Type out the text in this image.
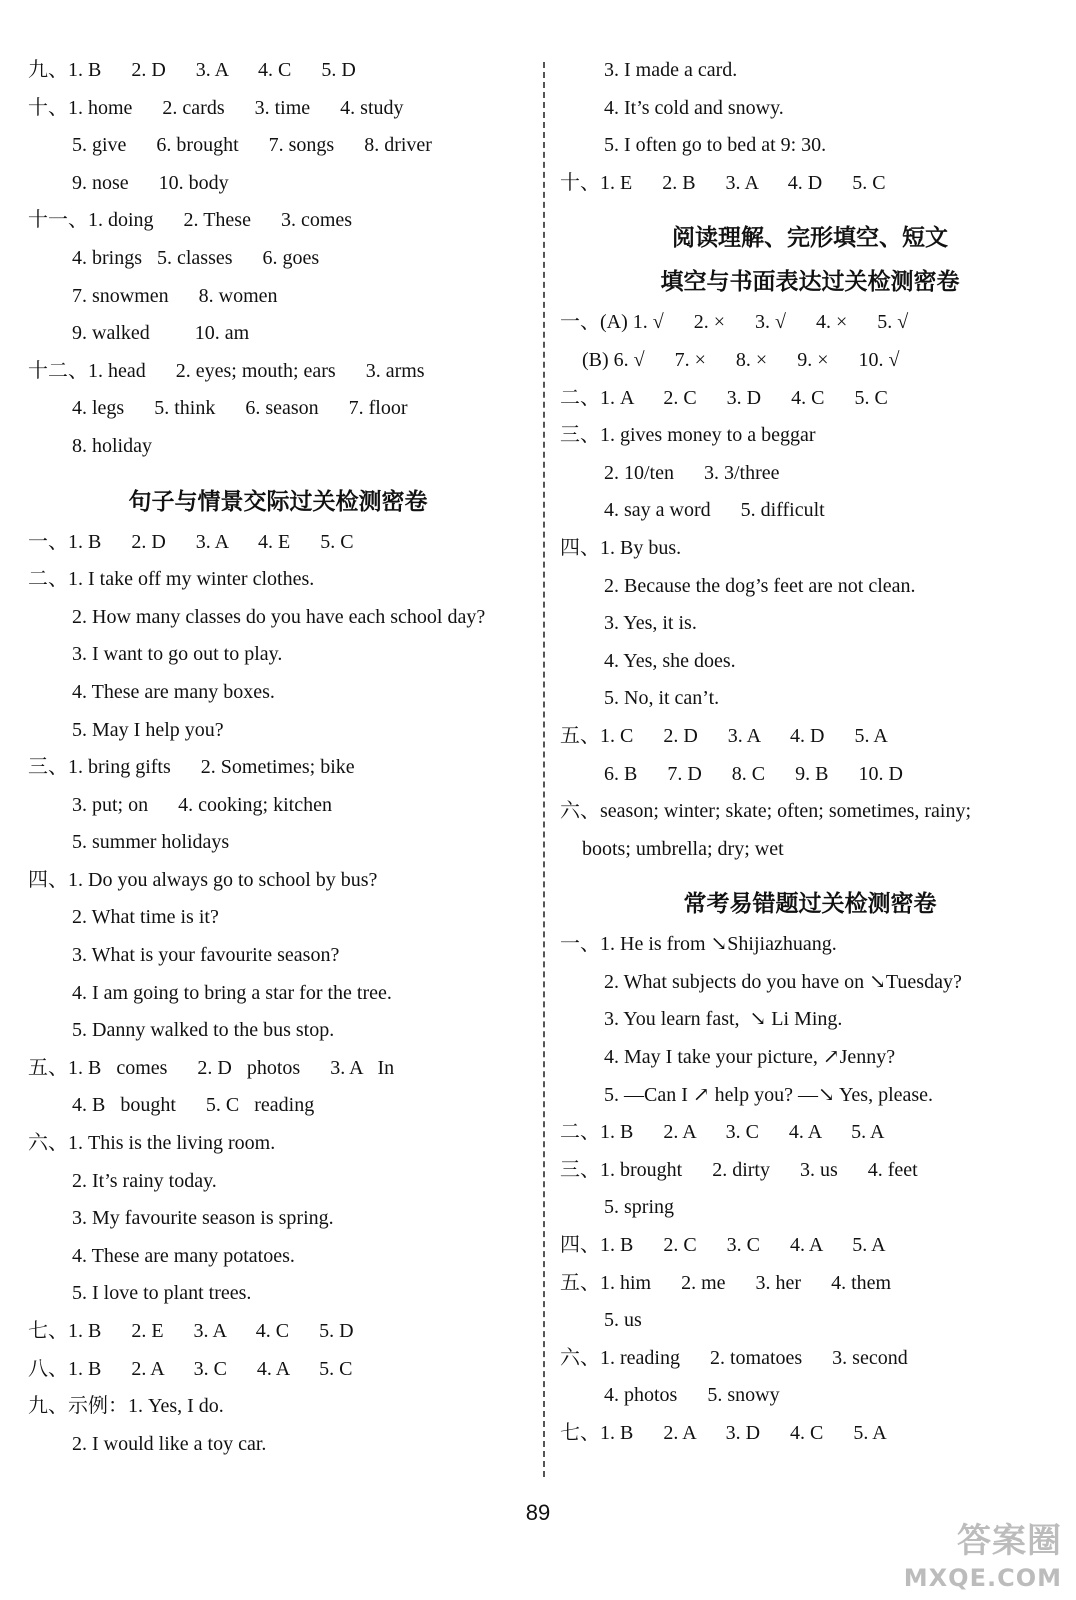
九、1. B      2. D      3. A      4. C      5. D
十、1. home      2. cards      3. time      4. study
5. give      6. brought      7. songs      8. driver
9. nose      10. body
十一、1. doing      2. These      3. comes
4. brings   5. classes      6. goes
7. snowmen      8. women
9. walked         10. am
十二、1. head      2. eyes; mouth; ears      3. arms
4. legs      5. think      6. season      7. floor
8. holiday
句子与情景交际过关检测密卷
一、1. B      2. D      3. A      4. E      5. C
二、1. I take off my winter clothes.
2. How many classes do you have each school day?
3. I want to go out to play.
4. These are many boxes.
5. May I help you?
三、1. bring gifts      2. Sometimes; bike
3. put; on      4. cooking; kitchen
5. summer holidays
四、1. Do you always go to school by bus?
2. What time is it?
3. What is your favourite season?
4. I am going to bring a star for the tree.
5. Danny walked to the bus stop.
五、1. B   comes      2. D   photos      3. A   In
4. B   bought      5. C   reading
六、1. This is the living room.
2. It’s rainy today.
3. My favourite season is spring.
4. These are many potatoes.
5. I love to plant trees.
七、1. B      2. E      3. A      4. C      5. D
八、1. B      2. A      3. C      4. A      5. C
九、示例：1. Yes, I do.
2. I would like a toy car.
3. I made a card.
4. It’s cold and snowy.
5. I often go to bed at 9: 30.
十、1. E      2. B      3. A      4. D      5. C
阅读理解、完形填空、短文
填空与书面表达过关检测密卷
一、(A) 1. √      2. ×      3. √      4. ×      5. √
(B) 6. √      7. ×      8. ×      9. ×      10. √
二、1. A      2. C      3. D      4. C      5. C
三、1. gives money to a beggar
2. 10/ten      3. 3/three
4. say a word      5. difficult
四、1. By bus.
2. Because the dog’s feet are not clean.
3. Yes, it is.
4. Yes, she does.
5. No, it can’t.
五、1. C      2. D      3. A      4. D      5. A
6. B      7. D      8. C      9. B      10. D
六、season; winter; skate; often; sometimes, rainy;
boots; umbrella; dry; wet
常考易错题过关检测密卷
一、1. He is from ↘Shijiazhuang.
2. What subjects do you have on ↘Tuesday?
3. You learn fast,  ↘ Li Ming.
4. May I take your picture, ↗Jenny?
5. —Can I ↗ help you? —↘ Yes, please.
二、1. B      2. A      3. C      4. A      5. A
三、1. brought      2. dirty      3. us      4. feet
5. spring
四、1. B      2. C      3. C      4. A      5. A
五、1. him      2. me      3. her      4. them
5. us
六、1. reading      2. tomatoes      3. second
4. photos      5. snowy
七、1. B      2. A      3. D      4. C      5. A
89
答案圈
MXQE.COM
